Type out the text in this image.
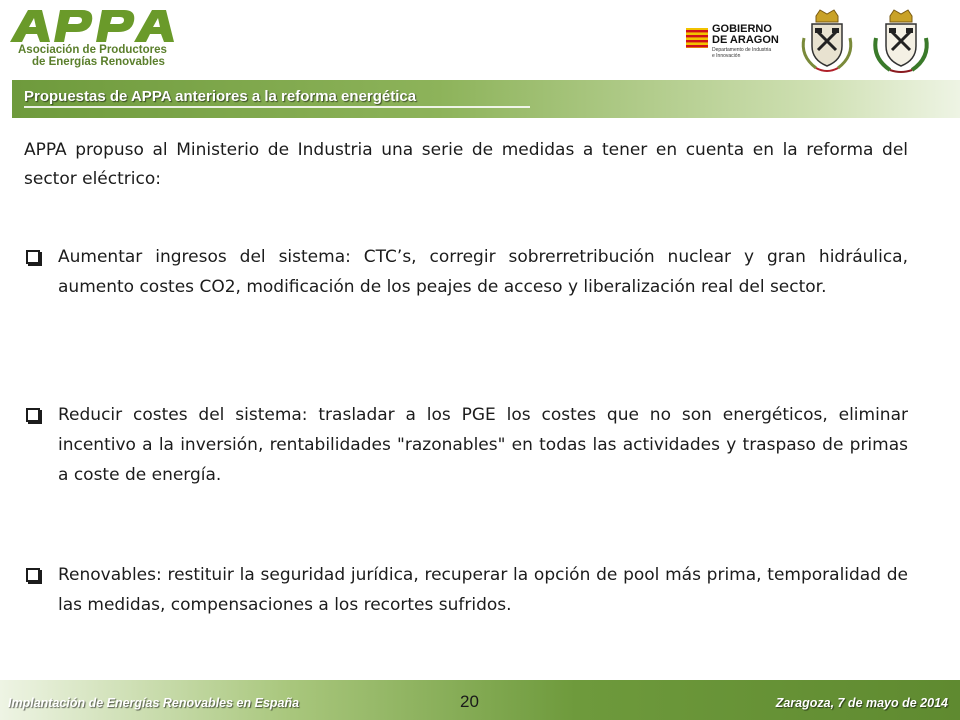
Asociación de Productores
de Energías Renovables
GOBIERNO
DE ARAGON
Departamento de Industria
e Innovación
Propuestas de APPA anteriores a la reforma energética

APPA propuso al Ministerio de Industria una serie de medidas a tener en cuenta en la reforma del sector eléctrico:

Aumentar ingresos del sistema: CTC’s, corregir sobrerretribución nuclear y gran hidráulica, aumento costes CO2, modificación de los peajes de acceso y liberalización real del sector.
Reducir costes del sistema: trasladar a los PGE los costes que no son energéticos, eliminar incentivo a la inversión, rentabilidades "razonables" en todas las actividades y traspaso de primas a coste de energía.
Renovables: restituir la seguridad jurídica, recuperar la opción de pool más prima, temporalidad de las medidas, compensaciones a los recortes sufridos.
Implantación de Energías Renovables en España	20	Zaragoza, 7 de mayo de 2014
